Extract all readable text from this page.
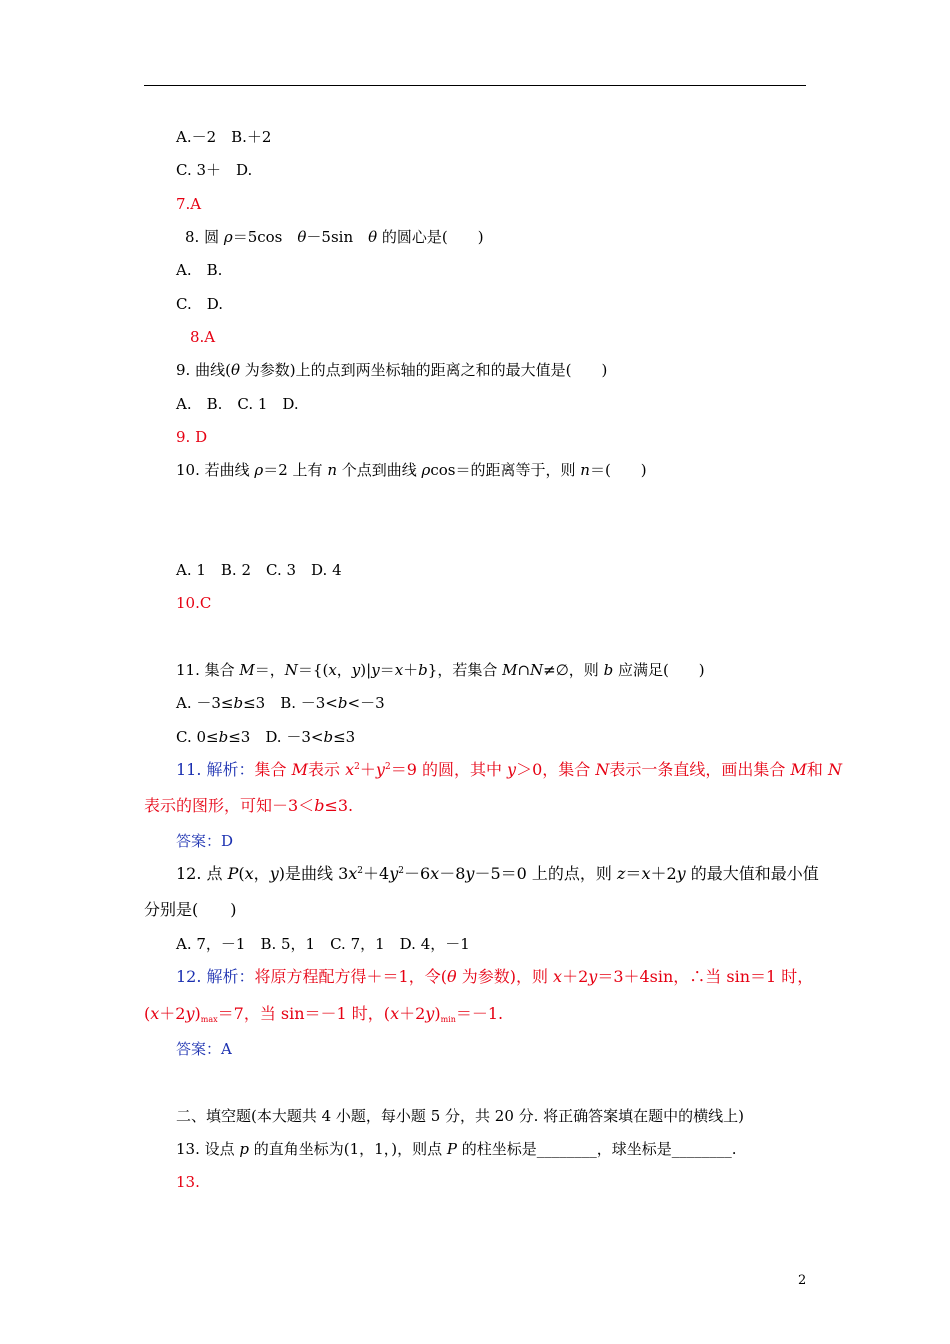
A.－2　B.＋2
C. 3＋　D.
7.A
8. 圆 ρ＝5cos　θ－5sin　θ 的圆心是(　　)
A.　B.
C.　D.
8.A
9. 曲线(θ 为参数)上的点到两坐标轴的距离之和的最大值是(　　)
A.　B.　C. 1　D.
9. D
10. 若曲线 ρ＝2 上有 n 个点到曲线 ρcos＝的距离等于，则 n＝(　　)
A. 1　B. 2　C. 3　D. 4
10.C
11. 集合 M＝，N＝{(x，y)|y＝x＋b}，若集合 M∩N≠∅，则 b 应满足(　　)
A. －3≤b≤3　B. －3<b<－3
C. 0≤b≤3　D. －3<b≤3
11. 解析：集合 M表示 $x^2+y^2=9$ 的圆，其中 y＞0，集合 N表示一条直线，画出集合 M和 N
表示的图形，可知－3＜b≤3.
答案：D
12. 点 P(x，y)是曲线 $3x^2+4y^2-6x-8y-5=0$ 上的点，则 z＝x＋2y 的最大值和最小值
分别是(　　)
A. 7，－1　B. 5，1　C. 7，1　D. 4，－1
12. 解析：将原方程配方得＋＝1，令(θ 为参数)，则 x＋2y＝3＋4sin，∴当 sin＝1 时，
$(x+2y)_{max}=7$，当 sin＝－1 时，$(x+2y)_{min}=-1$.
答案：A
二、填空题(本大题共 4 小题，每小题 5 分，共 20 分. 将正确答案填在题中的横线上)
13. 设点 p 的直角坐标为(1，1，)，则点 P 的柱坐标是________，球坐标是________.
13.
2
